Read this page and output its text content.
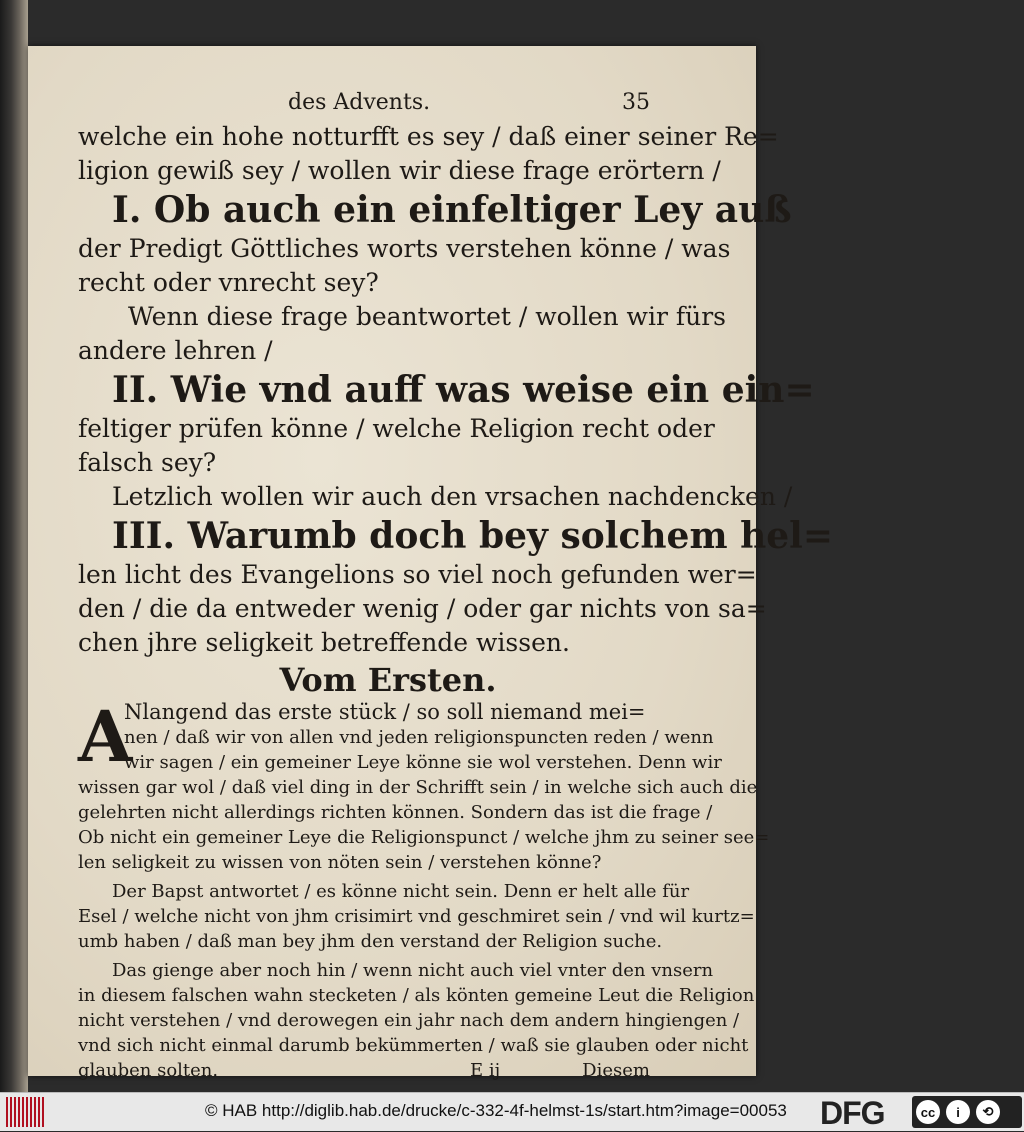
des Advents.	35
welche ein hohe notturfft es sey / daß einer seiner Re=
ligion gewiß sey / wollen wir diese frage erörtern /
I. Ob auch ein einfeltiger Ley auß
der Predigt Göttliches worts verstehen könne / was
recht oder vnrecht sey?
Wenn diese frage beantwortet / wollen wir fürs
andere lehren /
II. Wie vnd auff was weise ein ein=
feltiger prüfen könne / welche Religion recht oder
falsch sey?
Letzlich wollen wir auch den vrsachen nachdencken /
III. Warumb doch bey solchem hel=
len licht des Evangelions so viel noch gefunden wer=
den / die da entweder wenig / oder gar nichts von sa=
chen jhre seligkeit betreffende wissen.
Vom Ersten.
A
Nlangend das erste stück / so soll niemand mei=
nen / daß wir von allen vnd jeden religionspuncten reden / wenn
wir sagen / ein gemeiner Leye könne sie wol verstehen. Denn wir
wissen gar wol / daß viel ding in der Schrifft sein / in welche sich auch die
gelehrten nicht allerdings richten können. Sondern das ist die frage /
Ob nicht ein gemeiner Leye die Religionspunct / welche jhm zu seiner see=
len seligkeit zu wissen von nöten sein / verstehen könne?
Der Bapst antwortet / es könne nicht sein. Denn er helt alle für
Esel / welche nicht von jhm crisimirt vnd geschmiret sein / vnd wil kurtz=
umb haben / daß man bey jhm den verstand der Religion suche.
Das gienge aber noch hin / wenn nicht auch viel vnter den vnsern
in diesem falschen wahn stecketen / als könten gemeine Leut die Religion
nicht verstehen / vnd derowegen ein jahr nach dem andern hingiengen /
vnd sich nicht einmal darumb bekümmerten / waß sie glauben oder nicht
glauben solten.	E ij	Diesem
© HAB http://diglib.hab.de/drucke/c-332-4f-helmst-1s/start.htm?image=00053 DFG	cc	i	⟲
